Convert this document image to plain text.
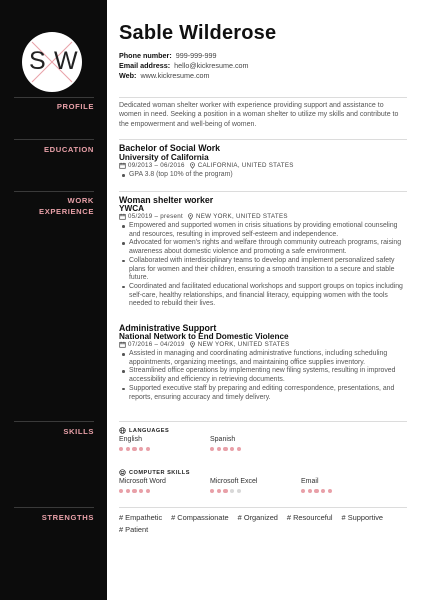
S W
Sable Wilderose
Phone number: 999-999-999
Email address: hello@kickresume.com
Web: www.kickresume.com
PROFILE	Dedicated woman shelter worker with experience providing support and assistance to women in need. Seeking a position in a woman shelter to utilize my skills and contribute to the empowerment and well-being of women.
EDUCATION	Bachelor of Social Work
University of California
09/2013 – 06/2016 CALIFORNIA, UNITED STATES
GPA 3.8 (top 10% of the program)
WORK
EXPERIENCE
Woman shelter worker
YWCA
05/2019 – present NEW YORK, UNITED STATES
Empowered and supported women in crisis situations by providing emotional counseling and resources, resulting in improved self-esteem and independence.
Advocated for women's rights and welfare through community outreach programs, raising awareness about domestic violence and promoting a safe environment.
Collaborated with interdisciplinary teams to develop and implement personalized safety plans for women and their children, ensuring a smooth transition to a secure and stable future.
Coordinated and facilitated educational workshops and support groups on topics including self-care, healthy relationships, and financial literacy, equipping women with the tools needed to rebuild their lives.
Administrative Support
National Network to End Domestic Violence
07/2016 – 04/2019 NEW YORK, UNITED STATES
Assisted in managing and coordinating administrative functions, including scheduling appointments, organizing meetings, and maintaining office supplies inventory.
Streamlined office operations by implementing new filing systems, resulting in improved accessibility and efficiency in retrieving documents.
Supported executive staff by preparing and editing correspondence, presentations, and reports, ensuring accuracy and timely delivery.
SKILLS	LANGUAGES
English	Spanish
COMPUTER SKILLS
Microsoft Word	Microsoft Excel	Email
STRENGTHS	# Empathetic # Compassionate # Organized # Resourceful # Supportive
# Patient
